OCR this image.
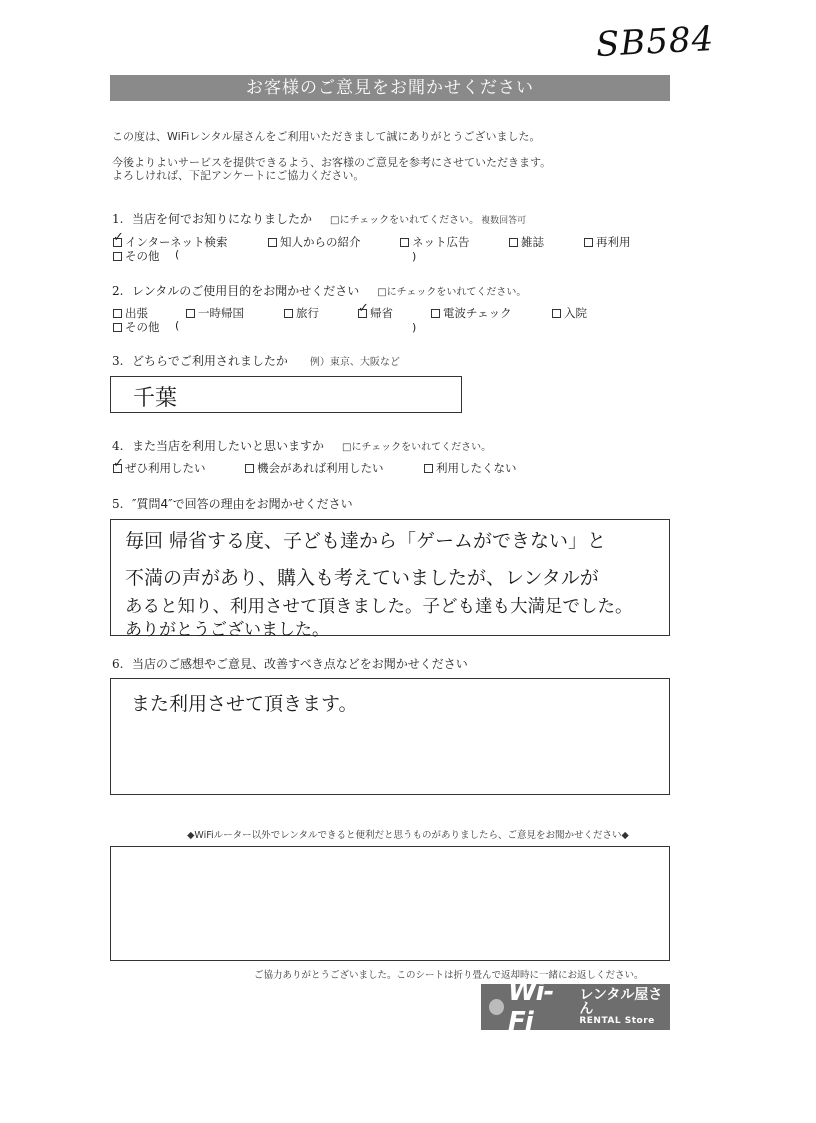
SB584
お客様のご意見をお聞かせください
この度は、WiFiレンタル屋さんをご利用いただきまして誠にありがとうございました。
今後よりよいサービスを提供できるよう、お客様のご意見を参考にさせていただきます。
よろしければ、下記アンケートにご協力ください。
1. 当店を何でお知りになりましたか □にチェックをいれてください。 複数回答可
✓インターネット検索	知人からの紹介	ネット広告	雑誌	再利用
その他 (	)
2. レンタルのご使用目的をお聞かせください □にチェックをいれてください。
出張	一時帰国	旅行
✓	帰省	電波チェック	入院
その他 (	)
3. どちらでご利用されましたか 例）東京、大阪など
千葉
4. また当店を利用したいと思いますか □にチェックをいれてください。
✓ぜひ利用したい	機会があれば利用したい	利用したくない
5. ″質問4″で回答の理由をお聞かせください
毎回 帰省する度、子ども達から「ゲームができない」と
不満の声があり、購入も考えていましたが、レンタルが
あると知り、利用させて頂きました。子ども達も大満足でした。
ありがとうございました。
6. 当店のご感想やご意見、改善すべき点などをお聞かせください
また利用させて頂きます。
◆WiFiルーター以外でレンタルできると便利だと思うものがありましたら、ご意見をお聞かせください◆
ご協力ありがとうございました。このシートは折り畳んで返却時に一緒にお返しください。
Wi-Fi
レンタル屋さん
RENTAL Store
